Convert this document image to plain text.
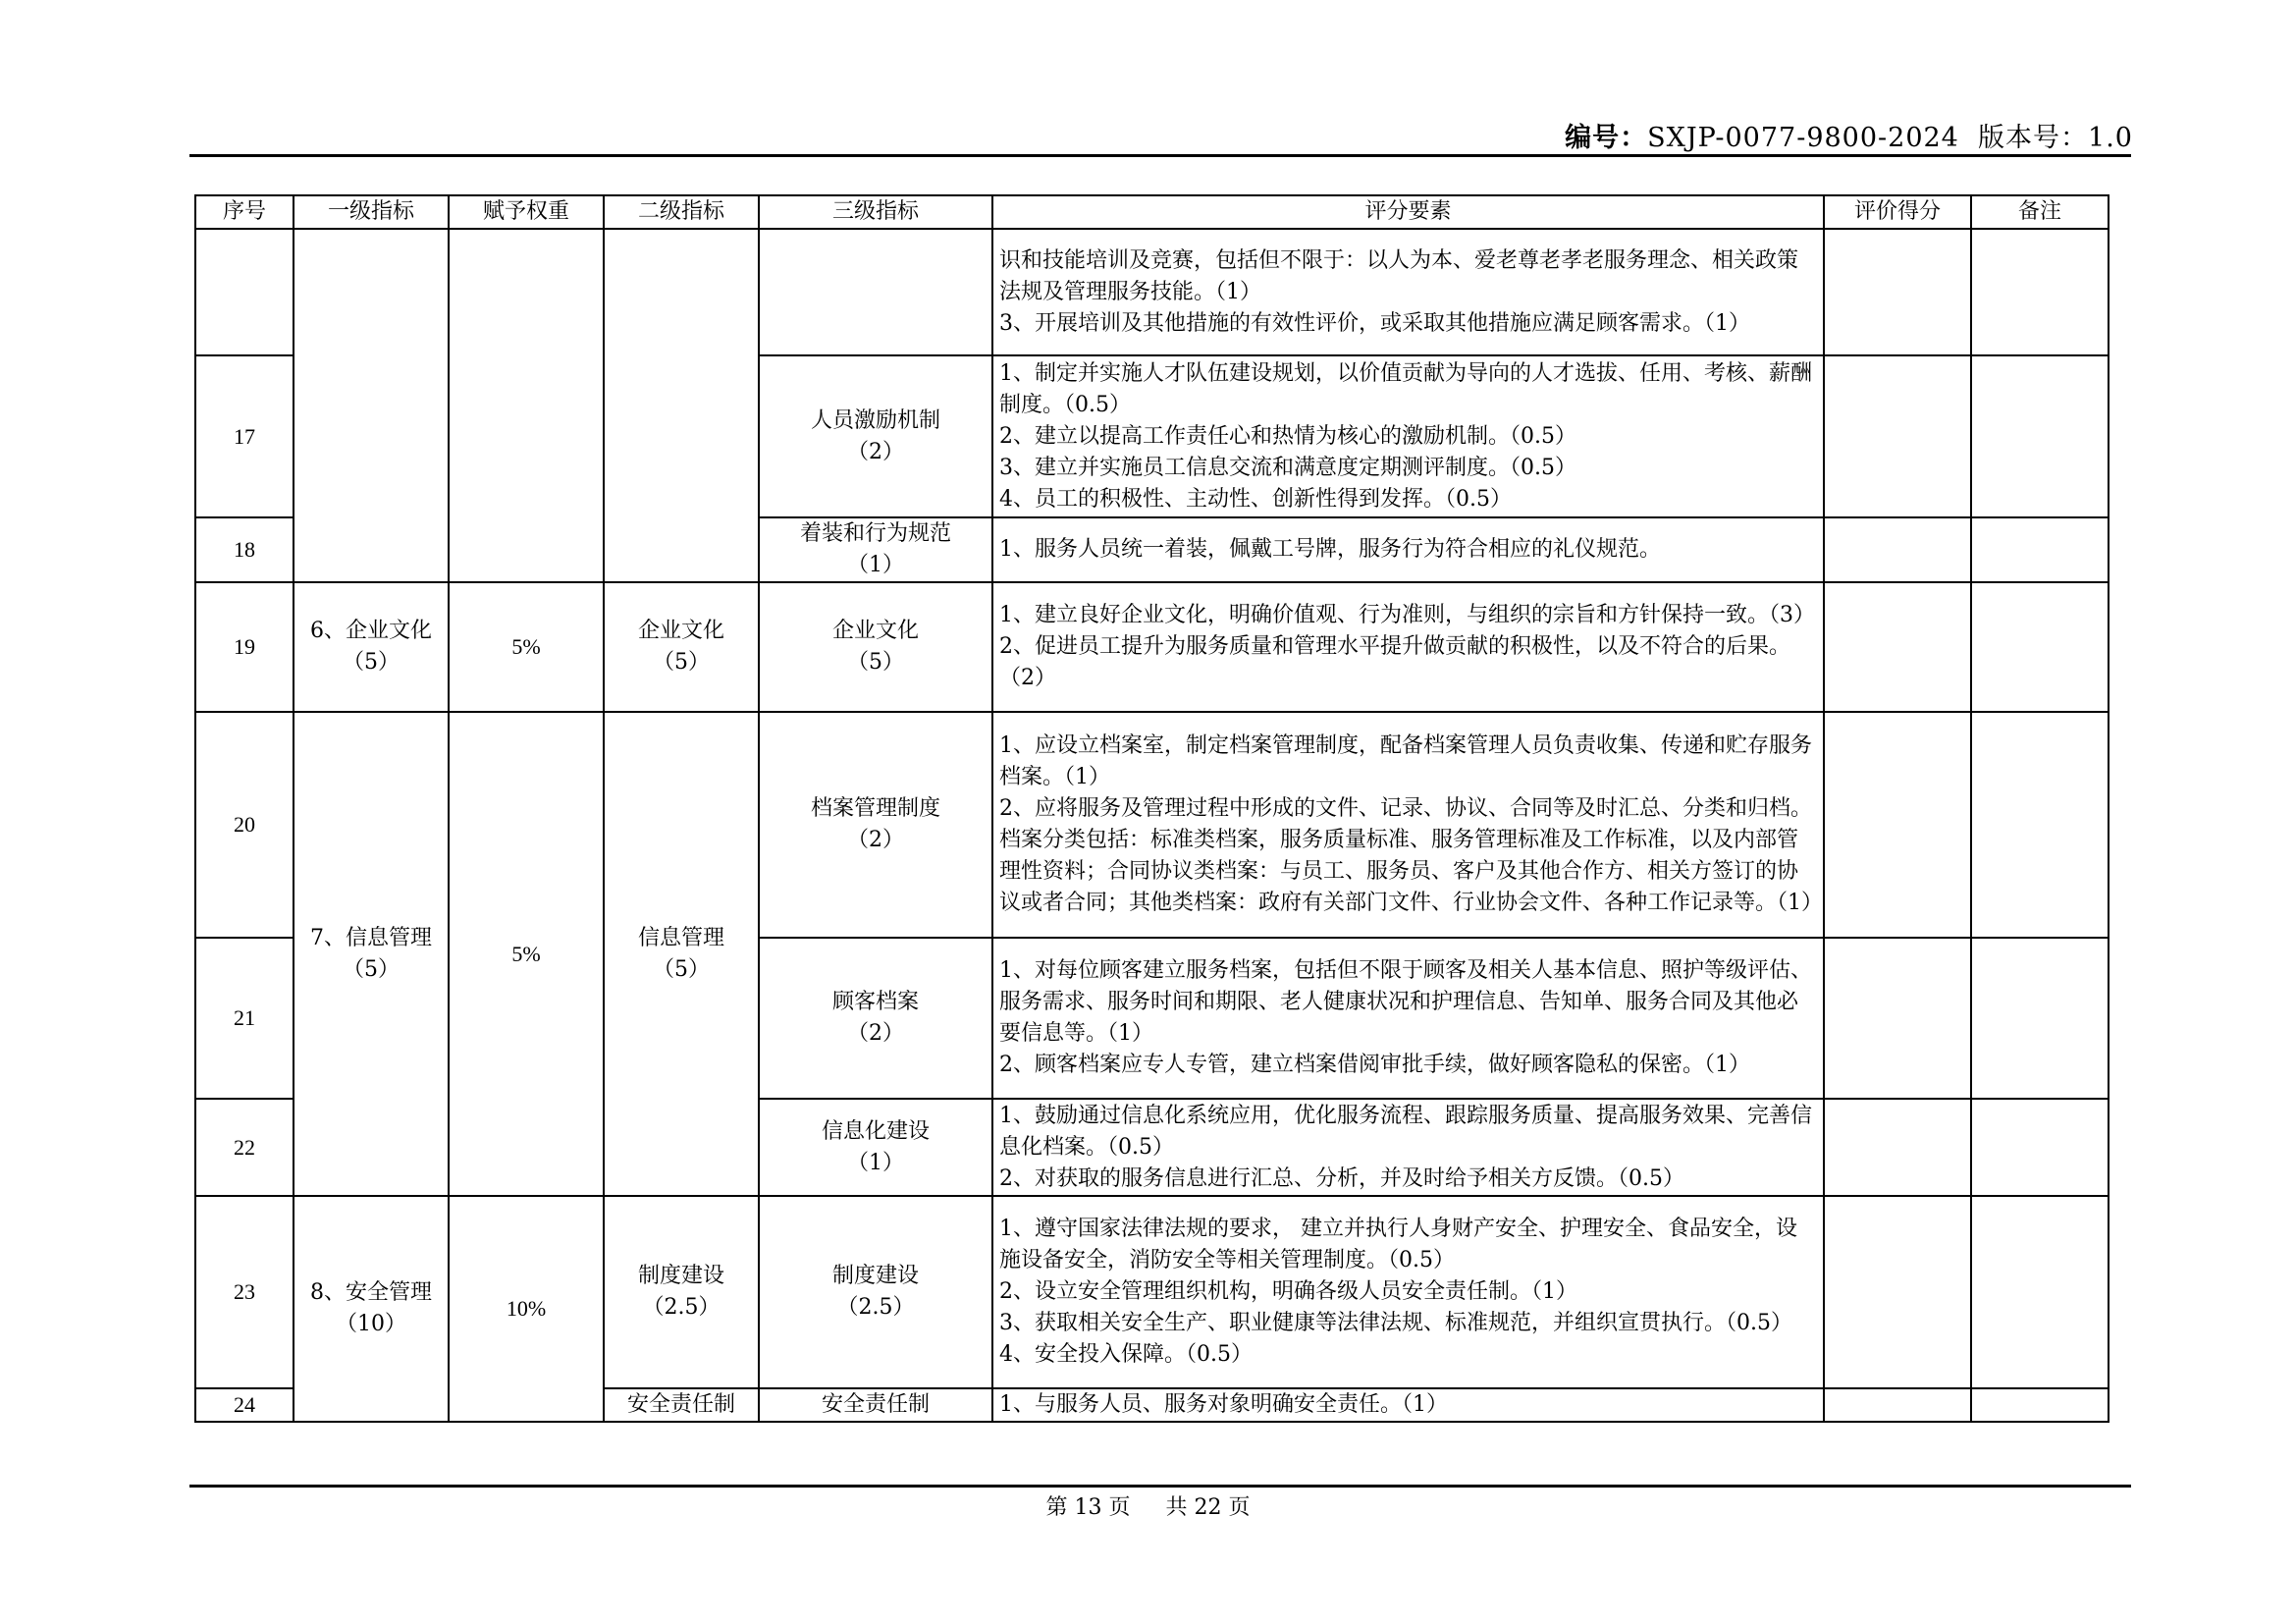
编号：SXJP-0077-9800-2024 版本号：1.0
序号	一级指标	赋予权重	二级指标	三级指标	评分要素	评价得分	备注

					识和技能培训及竞赛，包括但不限于：以人为本、爱老尊老孝老服务理念、相关政策法规及管理服务技能。（1）
3、开展培训及其他措施的有效性评价，或采取其他措施应满足顾客需求。（1）		

17				人员激励机制
（2）	1、制定并实施人才队伍建设规划，以价值贡献为导向的人才选拔、任用、考核、薪酬制度。（0.5）
2、建立以提高工作责任心和热情为核心的激励机制。（0.5）
3、建立并实施员工信息交流和满意度定期测评制度。（0.5）
4、员工的积极性、主动性、创新性得到发挥。（0.5）		

18				着装和行为规范
（1）	1、服务人员统一着装，佩戴工号牌，服务行为符合相应的礼仪规范。		

19	6、企业文化
（5）	5%	企业文化
（5）	企业文化
（5）	1、建立良好企业文化，明确价值观、行为准则，与组织的宗旨和方针保持一致。（3）
2、促进员工提升为服务质量和管理水平提升做贡献的积极性，以及不符合的后果。（2）		

20	7、信息管理
（5）	5%	信息管理
（5）	档案管理制度
（2）	1、应设立档案室，制定档案管理制度，配备档案管理人员负责收集、传递和贮存服务档案。（1）
2、应将服务及管理过程中形成的文件、记录、协议、合同等及时汇总、分类和归档。档案分类包括：标准类档案，服务质量标准、服务管理标准及工作标准，以及内部管理性资料；合同协议类档案：与员工、服务员、客户及其他合作方、相关方签订的协议或者合同；其他类档案：政府有关部门文件、行业协会文件、各种工作记录等。（1）		

21				顾客档案
（2）	1、对每位顾客建立服务档案，包括但不限于顾客及相关人基本信息、照护等级评估、服务需求、服务时间和期限、老人健康状况和护理信息、告知单、服务合同及其他必要信息等。（1）
2、顾客档案应专人专管，建立档案借阅审批手续，做好顾客隐私的保密。（1）		

22				信息化建设
（1）	1、鼓励通过信息化系统应用，优化服务流程、跟踪服务质量、提高服务效果、完善信息化档案。（0.5）
2、对获取的服务信息进行汇总、分析，并及时给予相关方反馈。（0.5）		

23	8、安全管理
（10）	10%	制度建设
（2.5）	制度建设
（2.5）	1、遵守国家法律法规的要求， 建立并执行人身财产安全、护理安全、食品安全，设施设备安全，消防安全等相关管理制度。（0.5）
2、设立安全管理组织机构，明确各级人员安全责任制。（1）
3、获取相关安全生产、职业健康等法律法规、标准规范，并组织宣贯执行。（0.5）
4、安全投入保障。（0.5）		

24			安全责任制	安全责任制	1、与服务人员、服务对象明确安全责任。（1）		

第 13 页 共 22 页
